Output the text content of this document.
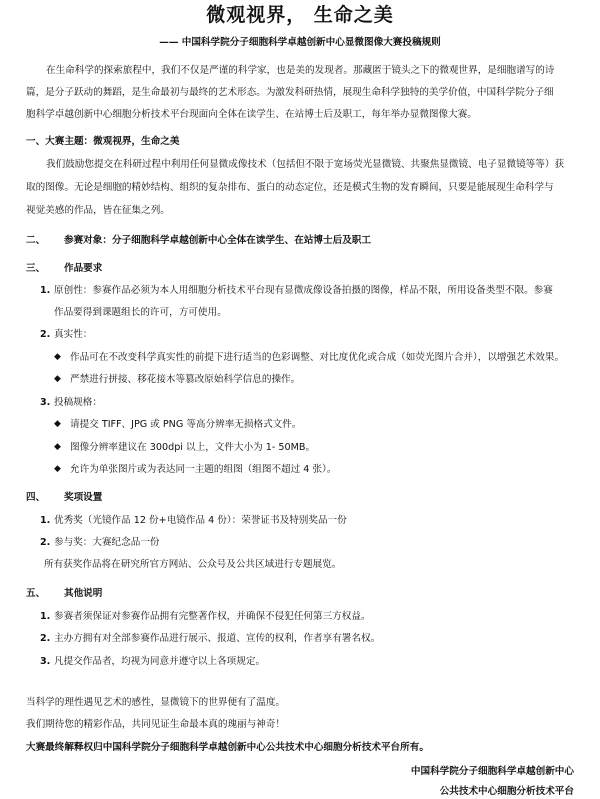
微观视界， 生命之美
—— 中国科学院分子细胞科学卓越创新中心显微图像大赛投稿规则
在生命科学的探索旅程中，我们不仅是严谨的科学家，也是美的发现者。那藏匿于镜头之下的微观世界，是细胞谱写的诗
篇，是分子跃动的舞蹈，是生命最初与最终的艺术形态。为激发科研热情，展现生命科学独特的美学价值，中国科学院分子细
胞科学卓越创新中心细胞分析技术平台现面向全体在读学生、在站博士后及职工，每年举办显微图像大赛。
一、大赛主题：微观视界，生命之美
我们鼓励您提交在科研过程中利用任何显微成像技术（包括但不限于宽场荧光显微镜、共聚焦显微镜、电子显微镜等等）获
取的图像。无论是细胞的精妙结构、组织的复杂排布、蛋白的动态定位，还是模式生物的发育瞬间，只要是能展现生命科学与
视觉美感的作品，皆在征集之列。
二、 参赛对象：分子细胞科学卓越创新中心全体在读学生、在站博士后及职工
三、 作品要求
1. 原创性：参赛作品必须为本人用细胞分析技术平台现有显微成像设备拍摄的图像，样品不限，所用设备类型不限。参赛
作品要得到课题组长的许可，方可使用。
2. 真实性：
◆ 作品可在不改变科学真实性的前提下进行适当的色彩调整、对比度优化或合成（如荧光图片合并），以增强艺术效果。
◆ 严禁进行拼接、移花接木等篡改原始科学信息的操作。
3. 投稿规格：
◆ 请提交 TIFF、JPG 或 PNG 等高分辨率无损格式文件。
◆ 图像分辨率建议在 300dpi 以上，文件大小为 1- 50MB。
◆ 允许为单张图片或为表达同一主题的组图（组图不超过 4 张）。
四、 奖项设置
1. 优秀奖（光镜作品 12 份+电镜作品 4 份）：荣誉证书及特别奖品一份
2. 参与奖：大赛纪念品一份
所有获奖作品将在研究所官方网站、公众号及公共区域进行专题展览。
五、 其他说明
1. 参赛者须保证对参赛作品拥有完整著作权，并确保不侵犯任何第三方权益。
2. 主办方拥有对全部参赛作品进行展示、报道、宣传的权利，作者享有署名权。
3. 凡提交作品者，均视为同意并遵守以上各项规定。
当科学的理性遇见艺术的感性，显微镜下的世界便有了温度。
我们期待您的精彩作品，共同见证生命最本真的瑰丽与神奇！
大赛最终解释权归中国科学院分子细胞科学卓越创新中心公共技术中心细胞分析技术平台所有。
中国科学院分子细胞科学卓越创新中心
公共技术中心细胞分析技术平台
